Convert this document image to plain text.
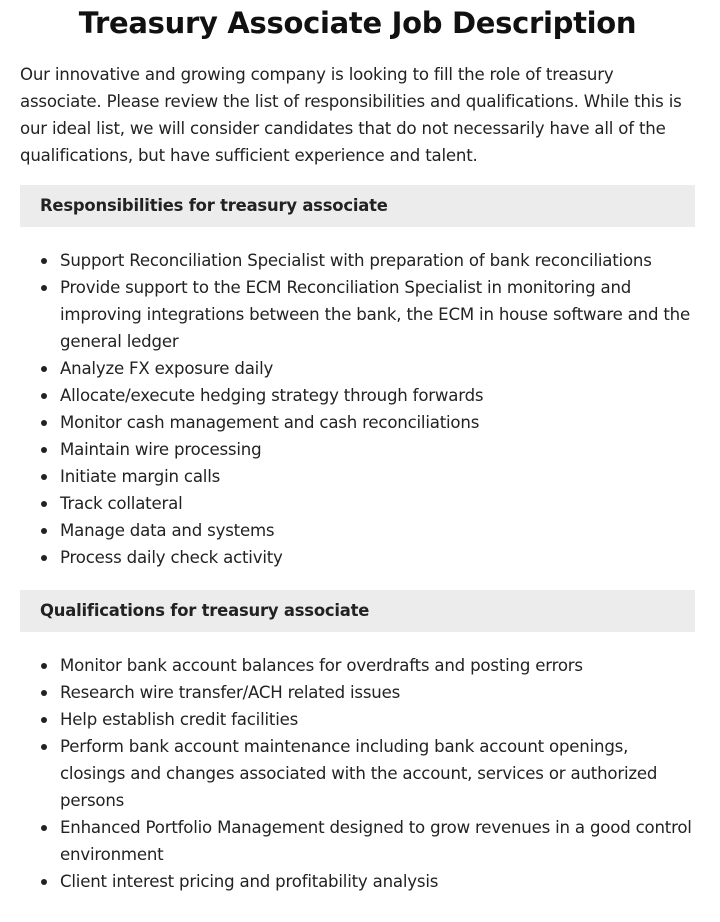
Treasury Associate Job Description

Our innovative and growing company is looking to fill the role of treasury associate. Please review the list of responsibilities and qualifications. While this is our ideal list, we will consider candidates that do not necessarily have all of the qualifications, but have sufficient experience and talent.

Responsibilities for treasury associate
Support Reconciliation Specialist with preparation of bank reconciliations
Provide support to the ECM Reconciliation Specialist in monitoring and improving integrations between the bank, the ECM in house software and the general ledger
Analyze FX exposure daily
Allocate/execute hedging strategy through forwards
Monitor cash management and cash reconciliations
Maintain wire processing
Initiate margin calls
Track collateral
Manage data and systems
Process daily check activity
Qualifications for treasury associate
Monitor bank account balances for overdrafts and posting errors
Research wire transfer/ACH related issues
Help establish credit facilities
Perform bank account maintenance including bank account openings, closings and changes associated with the account, services or authorized persons
Enhanced Portfolio Management designed to grow revenues in a good control environment
Client interest pricing and profitability analysis
